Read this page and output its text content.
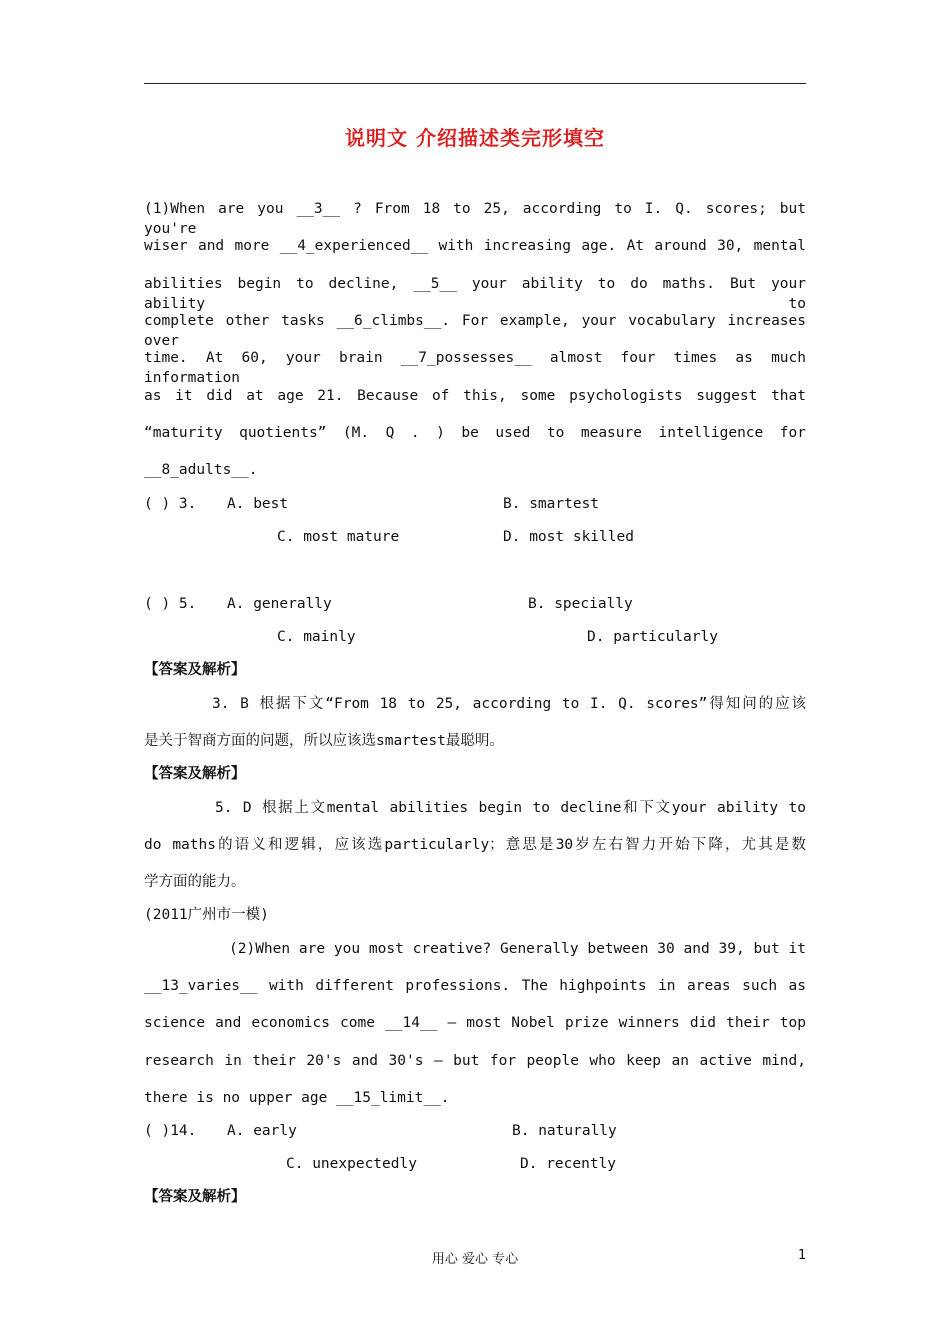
说明文 介绍描述类完形填空
(1)When are you __3__ ? From 18 to 25, according to I. Q. scores; but you're
wiser and more __4_experienced__ with increasing age. At around 30, mental
abilities begin to decline, __5__ your ability to do maths. But your ability to
complete other tasks __6_climbs__. For example, your vocabulary increases over
time. At 60, your brain __7_possesses__ almost four times as much information
as it did at age 21. Because of this, some psychologists suggest that
“maturity quotients” (M. Q . ) be used to measure intelligence for
__8_adults__.
( ) 3. A. best	B. smartest
C. most mature	D. most skilled
( ) 5. A. generally	B. specially
C. mainly	D. particularly
【答案及解析】
3. B 根据下文“From 18 to 25, according to I. Q. scores”得知问的应该
是关于智商方面的问题，所以应该选smartest最聪明。
【答案及解析】
5. D 根据上文mental abilities begin to decline和下文your ability to
do maths的语义和逻辑，应该选particularly；意思是30岁左右智力开始下降，尤其是数
学方面的能力。
(2011广州市一模)
(2)When are you most creative? Generally between 30 and 39, but it
__13_varies__ with different professions. The highpoints in areas such as
science and economics come __14__ — most Nobel prize winners did their top
research in their 20's and 30's — but for people who keep an active mind,
there is no upper age __15_limit__.
( )14. A. early	B. naturally
C. unexpectedly	D. recently
【答案及解析】
用心 爱心 专心	1
